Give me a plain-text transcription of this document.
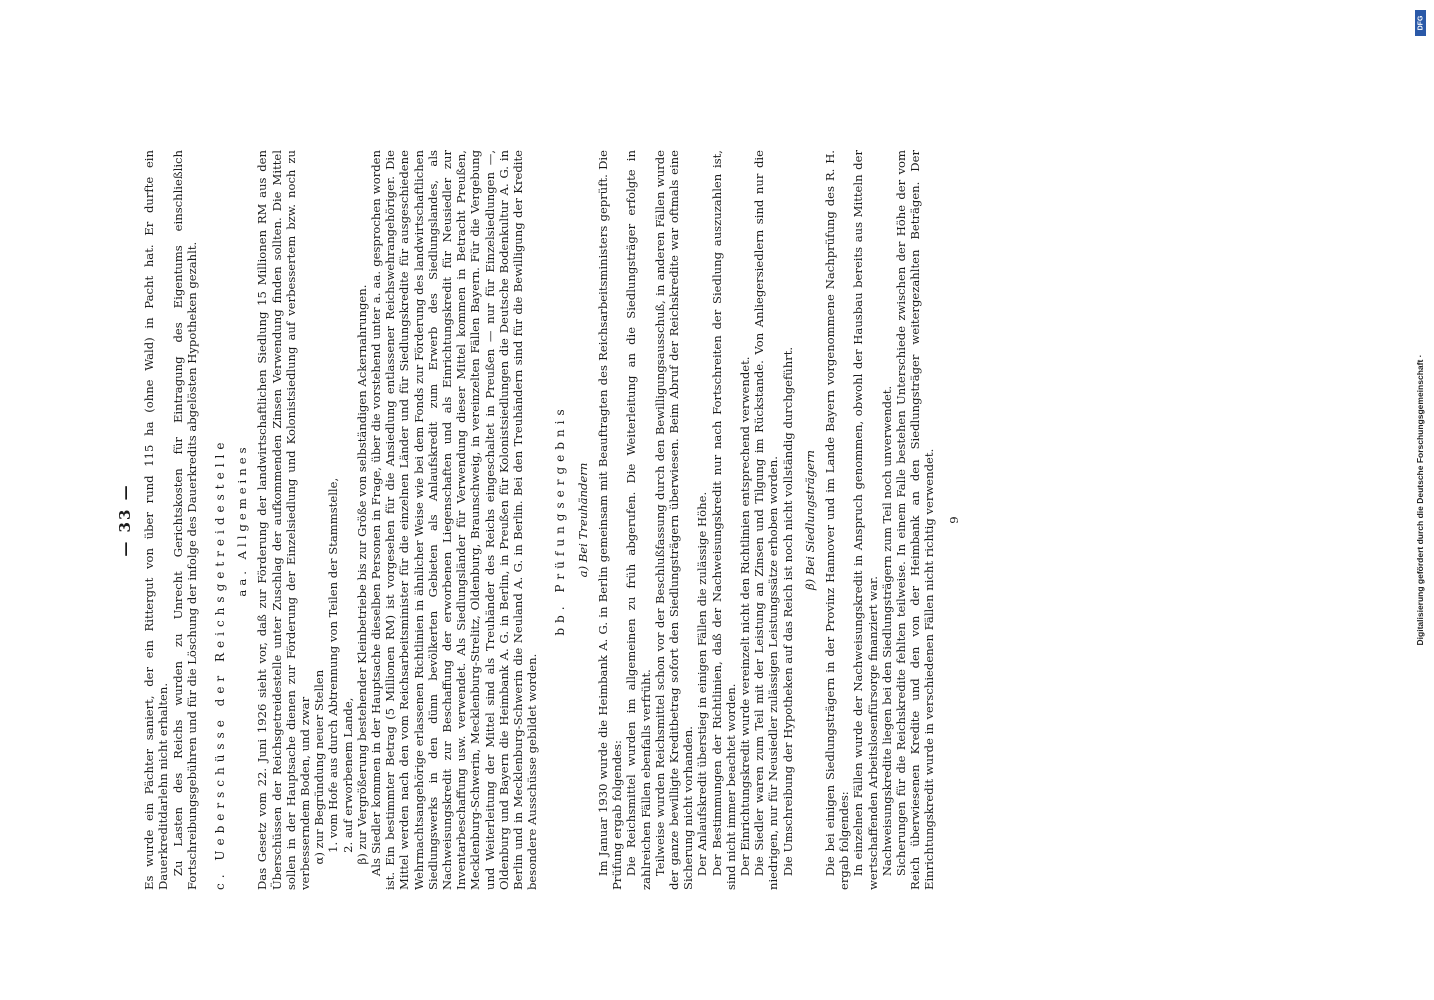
— 33 — Es wurde ein Pächter saniert, der ein Rittergut von über rund 115 ha (ohne Wald) in Pacht hat. Er durfte ein Dauerkreditdarlehn nicht erhalten. Zu Lasten des Reichs wurden zu Unrecht Gerichtskosten für Eintragung des Eigentums einschließlich Fortschreibungsgebühren und für die Löschung der infolge des Dauerkredits abgelösten Hypotheken gezahlt. c. Ueberschüsse der Reichsgetreidestelle aa. Allgemeines Das Gesetz vom 22. Juni 1926 sieht vor, daß zur Förderung der landwirtschaftlichen Siedlung 15 Millionen RM aus den Überschüssen der Reichsgetreidestelle unter Zuschlag der aufkommenden Zinsen Verwendung finden sollten. Die Mittel sollen in der Hauptsache dienen zur Förderung der Einzelsiedlung und Kolonistsiedlung auf verbessertem bzw. noch zu verbesserndem Boden, und zwar α) zur Begründung neuer Stellen 1. vom Hofe aus durch Abtrennung von Teilen der Stammstelle, 2. auf erworbenem Lande, β) zur Vergrößerung bestehender Kleinbetriebe bis zur Größe von selbständigen Ackernahrungen. Als Siedler kommen in der Hauptsache dieselben Personen in Frage, über die vorstehend unter a. aa. gesprochen worden ist. Ein bestimmter Betrag (5 Millionen RM) ist vorgesehen für die Ansiedlung entlassener Reichswehrangehöriger. Die Mittel werden nach den vom Reichsarbeitsminister für die einzelnen Länder und für Siedlungskredite für ausgeschiedene Wehrmachtsangehörige erlassenen Richtlinien in ähnlicher Weise wie bei dem Fonds zur Förderung des landwirtschaftlichen Siedlungswerks in den dünn bevölkerten Gebieten als Anlaufskredit zum Erwerb des Siedlungslandes, als Nachweisungskredit zur Beschaffung der erworbenen Liegenschaften und als Einrichtungskredit für Neusiedler zur Inventarbeschaffung usw. verwendet. Als Siedlungsländer für Verwendung dieser Mittel kommen in Betracht Preußen, Mecklenburg-Schwerin, Mecklenburg-Strelitz, Oldenburg, Braunschweig, in vereinzelten Fällen Bayern. Für die Vergebung und Weiterleitung der Mittel sind als Treuhänder des Reichs eingeschaltet in Preußen — nur für Einzelsiedlungen —, Oldenburg und Bayern die Heimbank A. G. in Berlin, in Preußen für Kolonistsiedlungen die Deutsche Bodenkultur A. G. in Berlin und in Mecklenburg-Schwerin die Neuland A. G. in Berlin. Bei den Treuhändern sind für die Bewilligung der Kredite besondere Ausschüsse gebildet worden.

bb. Prüfungsergebnis a) Bei Treuhändern Im Januar 1930 wurde die Heimbank A. G. in Berlin gemeinsam mit Beauftragten des Reichsarbeitsministers geprüft. Die Prüfung ergab folgendes: Die Reichsmittel wurden im allgemeinen zu früh abgerufen. Die Weiterleitung an die Siedlungsträger erfolgte in zahlreichen Fällen ebenfalls verfrüht. Teilweise wurden Reichsmittel schon vor der Beschlußfassung durch den Bewilligungsausschuß, in anderen Fällen wurde der ganze bewilligte Kreditbetrag sofort den Siedlungsträgern überwiesen. Beim Abruf der Reichskredite war oftmals eine Sicherung nicht vorhanden. Der Anlaufskredit überstieg in einigen Fällen die zulässige Höhe. Der Bestimmungen der Richtlinien, daß der Nachweisungskredit nur nach Fortschreiten der Siedlung auszuzahlen ist, sind nicht immer beachtet worden. Der Einrichtungskredit wurde vereinzelt nicht den Richtlinien entsprechend verwendet. Die Siedler waren zum Teil mit der Leistung an Zinsen und Tilgung im Rückstande. Von Anliegersiedlern sind nur die niedrigen, nur für Neusiedler zulässigen Leistungssätze erhoben worden. Die Umschreibung der Hypotheken auf das Reich ist noch nicht vollständig durchgeführt. β) Bei Siedlungsträgern Die bei einigen Siedlungsträgern in der Provinz Hannover und im Lande Bayern vorgenommene Nachprüfung des R. H. ergab folgendes: In einzelnen Fällen wurde der Nachweisungskredit in Anspruch genommen, obwohl der Hausbau bereits aus Mitteln der wertschaffenden Arbeitslosenfürsorge finanziert war. Nachweisungskredite liegen bei den Siedlungsträgern zum Teil noch unverwendet. Sicherungen für die Reichskredite fehlten teilweise. In einem Falle bestehen Unterschiede zwischen der Höhe der vom Reich überwiesenen Kredite und den von der Heimbank an den Siedlungsträger weitergezahlten Beträgen. Der Einrichtungskredit wurde in verschiedenen Fällen nicht richtig verwendet. 9

DFG
Digitalisierung gefördert durch die Deutsche Forschungsgemeinschaft ·
